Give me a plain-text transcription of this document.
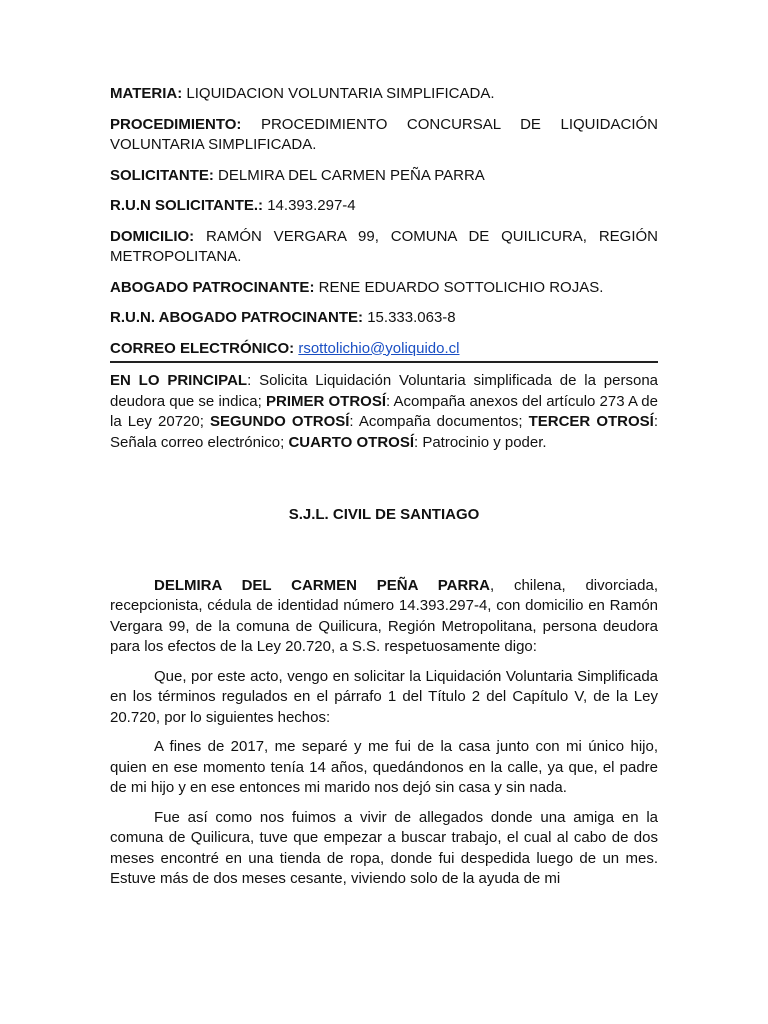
MATERIA: LIQUIDACION VOLUNTARIA SIMPLIFICADA.

PROCEDIMIENTO: PROCEDIMIENTO CONCURSAL DE LIQUIDACIÓN VOLUNTARIA SIMPLIFICADA.

SOLICITANTE: DELMIRA DEL CARMEN PEÑA PARRA

R.U.N SOLICITANTE.: 14.393.297-4

DOMICILIO: RAMÓN VERGARA 99, COMUNA DE QUILICURA, REGIÓN METROPOLITANA.

ABOGADO PATROCINANTE: RENE EDUARDO SOTTOLICHIO ROJAS.

R.U.N. ABOGADO PATROCINANTE: 15.333.063-8

CORREO ELECTRÓNICO: rsottolichio@yoliquido.cl

EN LO PRINCIPAL: Solicita Liquidación Voluntaria simplificada de la persona deudora que se indica; PRIMER OTROSÍ: Acompaña anexos del artículo 273 A de la Ley 20720; SEGUNDO OTROSÍ: Acompaña documentos; TERCER OTROSÍ: Señala correo electrónico; CUARTO OTROSÍ: Patrocinio y poder.

S.J.L. CIVIL DE SANTIAGO

DELMIRA DEL CARMEN PEÑA PARRA, chilena, divorciada, recepcionista, cédula de identidad número 14.393.297-4, con domicilio en Ramón Vergara 99, de la comuna de Quilicura, Región Metropolitana, persona deudora para los efectos de la Ley 20.720, a S.S. respetuosamente digo:

Que, por este acto, vengo en solicitar la Liquidación Voluntaria Simplificada en los términos regulados en el párrafo 1 del Título 2 del Capítulo V, de la Ley 20.720, por lo siguientes hechos:

A fines de 2017, me separé y me fui de la casa junto con mi único hijo, quien en ese momento tenía 14 años, quedándonos en la calle, ya que, el padre de mi hijo y en ese entonces mi marido nos dejó sin casa y sin nada.

Fue así como nos fuimos a vivir de allegados donde una amiga en la comuna de Quilicura, tuve que empezar a buscar trabajo, el cual al cabo de dos meses encontré en una tienda de ropa, donde fui despedida luego de un mes. Estuve más de dos meses cesante, viviendo solo de la ayuda de mi
